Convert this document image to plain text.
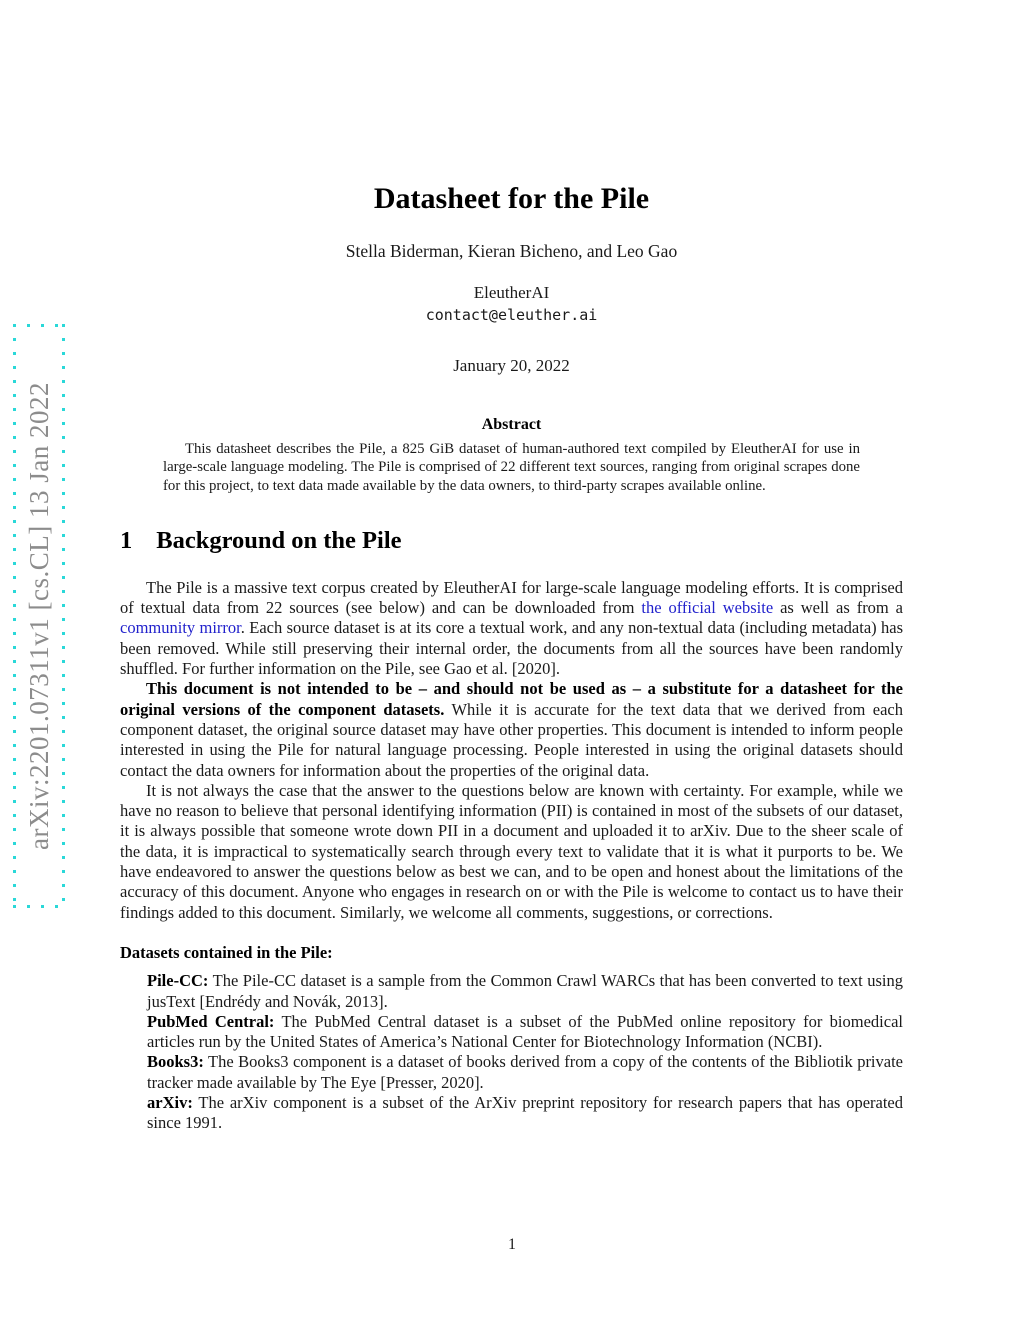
arXiv:2201.07311v1 [cs.CL] 13 Jan 2022
Datasheet for the Pile
Stella Biderman, Kieran Bicheno, and Leo Gao
EleutherAI
contact@eleuther.ai
January 20, 2022
Abstract

This datasheet describes the Pile, a 825 GiB dataset of human-authored text compiled by EleutherAI for use in large-scale language modeling. The Pile is comprised of 22 different text sources, ranging from original scrapes done for this project, to text data made available by the data owners, to third-party scrapes available online.

1 Background on the Pile

The Pile is a massive text corpus created by EleutherAI for large-scale language modeling efforts. It is comprised of textual data from 22 sources (see below) and can be downloaded from the official website as well as from a community mirror. Each source dataset is at its core a textual work, and any non-textual data (including metadata) has been removed. While still preserving their internal order, the documents from all the sources have been randomly shuffled. For further information on the Pile, see Gao et al. [2020].

This document is not intended to be – and should not be used as – a substitute for a datasheet for the original versions of the component datasets. While it is accurate for the text data that we derived from each component dataset, the original source dataset may have other properties. This document is intended to inform people interested in using the Pile for natural language processing. People interested in using the original datasets should contact the data owners for information about the properties of the original data.

It is not always the case that the answer to the questions below are known with certainty. For example, while we have no reason to believe that personal identifying information (PII) is contained in most of the subsets of our dataset, it is always possible that someone wrote down PII in a document and uploaded it to arXiv. Due to the sheer scale of the data, it is impractical to systematically search through every text to validate that it is what it purports to be. We have endeavored to answer the questions below as best we can, and to be open and honest about the limitations of the accuracy of this document. Anyone who engages in research on or with the Pile is welcome to contact us to have their findings added to this document. Similarly, we welcome all comments, suggestions, or corrections.

Datasets contained in the Pile:

Pile-CC: The Pile-CC dataset is a sample from the Common Crawl WARCs that has been converted to text using jusText [Endrédy and Novák, 2013].

PubMed Central: The PubMed Central dataset is a subset of the PubMed online repository for biomedical articles run by the United States of America’s National Center for Biotechnology Information (NCBI).

Books3: The Books3 component is a dataset of books derived from a copy of the contents of the Bibliotik private tracker made available by The Eye [Presser, 2020].

arXiv: The arXiv component is a subset of the ArXiv preprint repository for research papers that has operated since 1991.

1
